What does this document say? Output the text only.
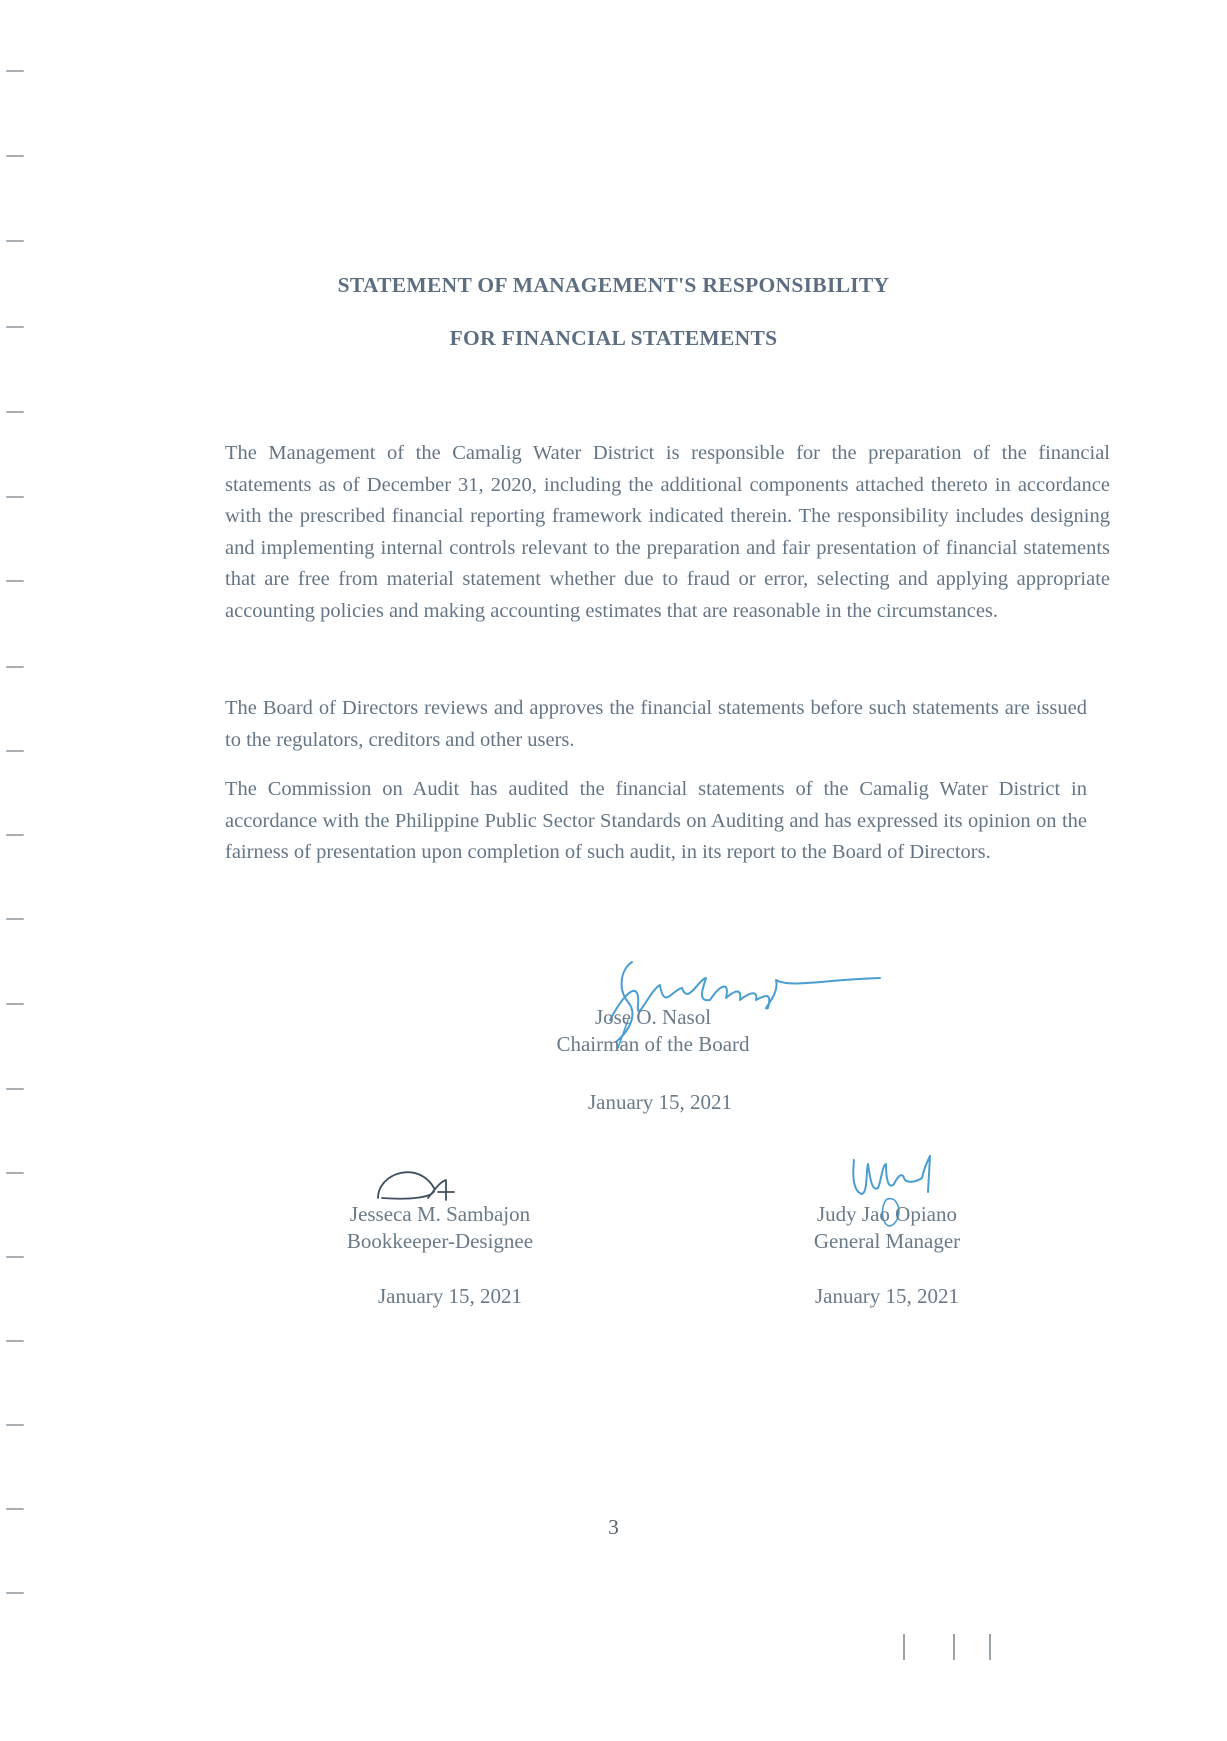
STATEMENT OF MANAGEMENT'S RESPONSIBILITY
FOR FINANCIAL STATEMENTS

The Management of the Camalig Water District is responsible for the preparation of the financial statements as of December 31, 2020, including the additional components attached thereto in accordance with the prescribed financial reporting framework indicated therein. The responsibility includes designing and implementing internal controls relevant to the preparation and fair presentation of financial statements that are free from material statement whether due to fraud or error, selecting and applying appropriate accounting policies and making accounting estimates that are reasonable in the circumstances.

The Board of Directors reviews and approves the financial statements before such statements are issued to the regulators, creditors and other users.

The Commission on Audit has audited the financial statements of the Camalig Water District in accordance with the Philippine Public Sector Standards on Auditing and has expressed its opinion on the fairness of presentation upon completion of such audit, in its report to the Board of Directors.

Jose O. Nasol
Chairman of the Board
January 15, 2021
Jesseca M. Sambajon
Bookkeeper-Designee
January 15, 2021
Judy Jao Opiano
General Manager
January 15, 2021
3
